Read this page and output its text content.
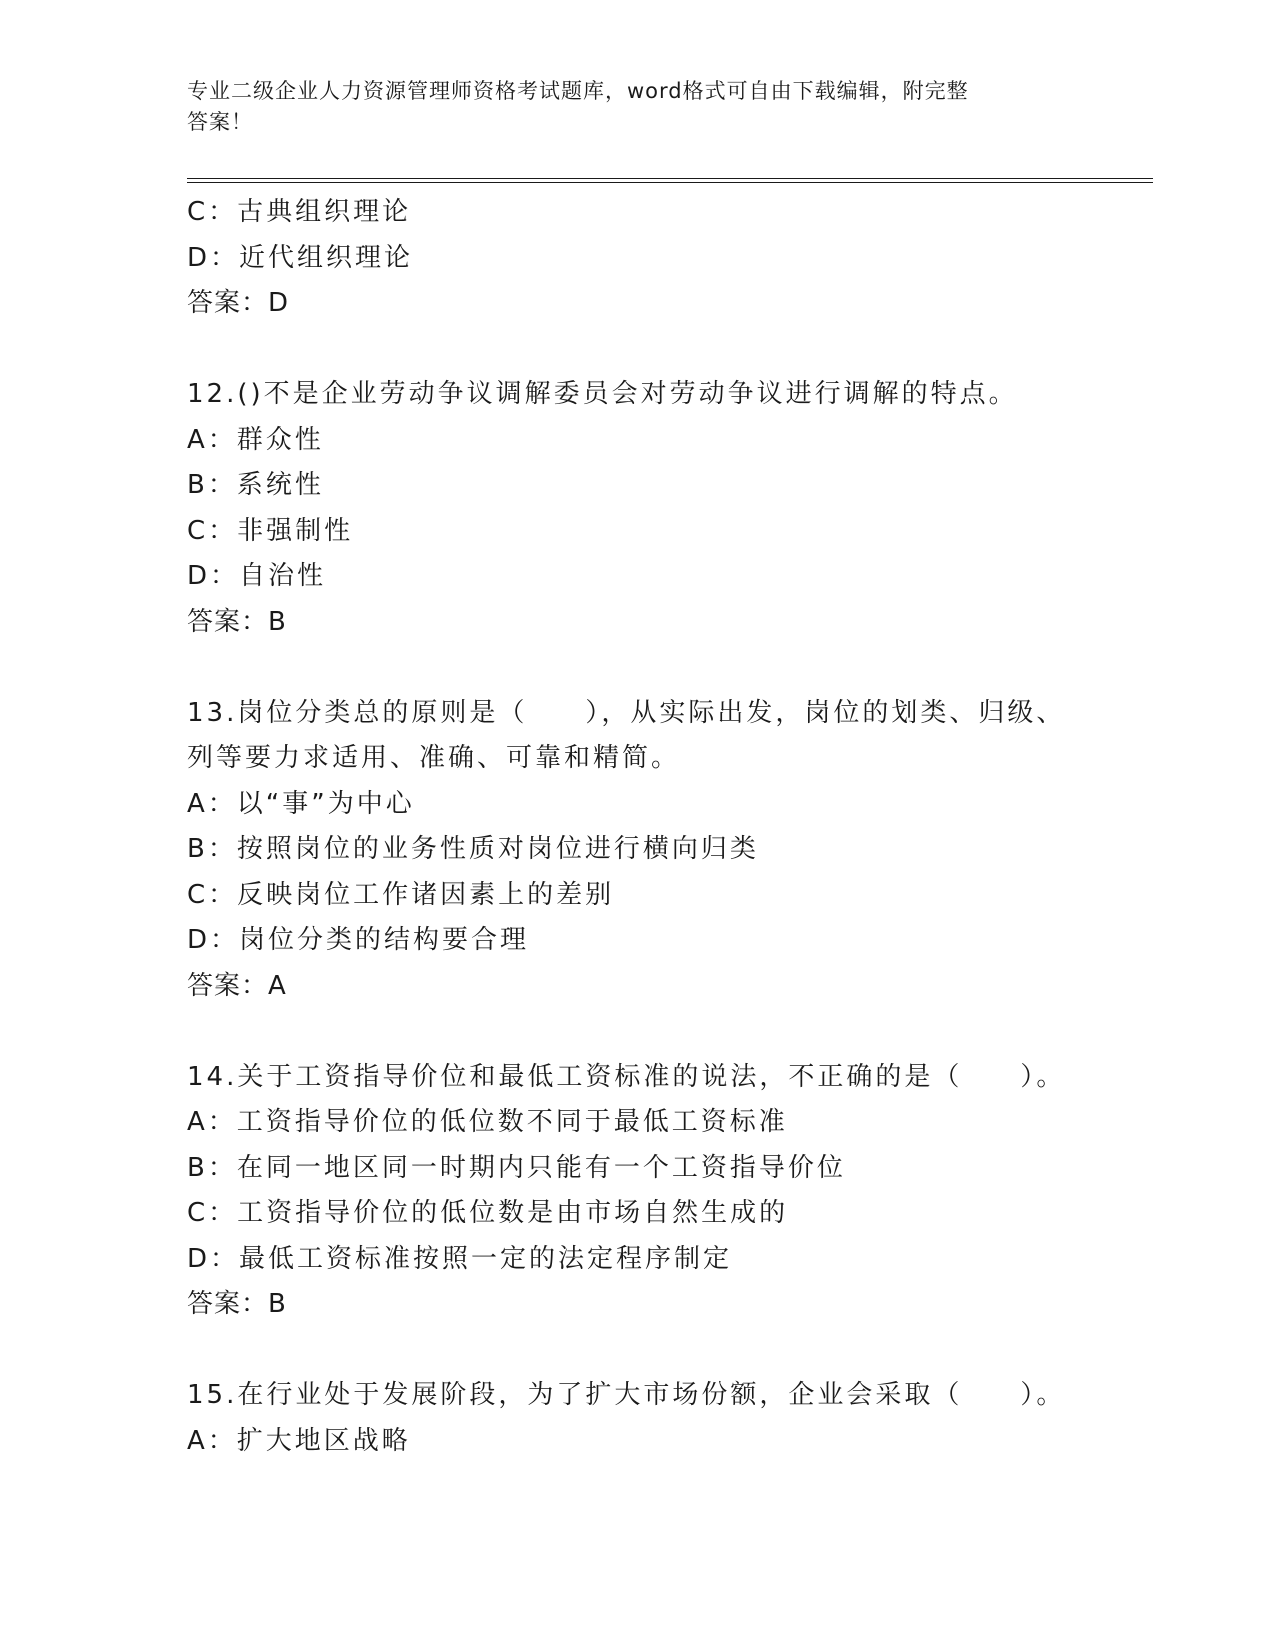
专业二级企业人力资源管理师资格考试题库，word格式可自由下载编辑，附完整
答案！
C：古典组织理论
D：近代组织理论
答案：D
12.()不是企业劳动争议调解委员会对劳动争议进行调解的特点。
A：群众性
B：系统性
C：非强制性
D：自治性
答案：B
13.岗位分类总的原则是（　　），从实际出发，岗位的划类、归级、
列等要力求适用、准确、可靠和精简。
A：以“事”为中心
B：按照岗位的业务性质对岗位进行横向归类
C：反映岗位工作诸因素上的差别
D：岗位分类的结构要合理
答案：A
14.关于工资指导价位和最低工资标准的说法，不正确的是（　　）。
A：工资指导价位的低位数不同于最低工资标准
B：在同一地区同一时期内只能有一个工资指导价位
C：工资指导价位的低位数是由市场自然生成的
D：最低工资标准按照一定的法定程序制定
答案：B
15.在行业处于发展阶段，为了扩大市场份额，企业会采取（　　）。
A：扩大地区战略
